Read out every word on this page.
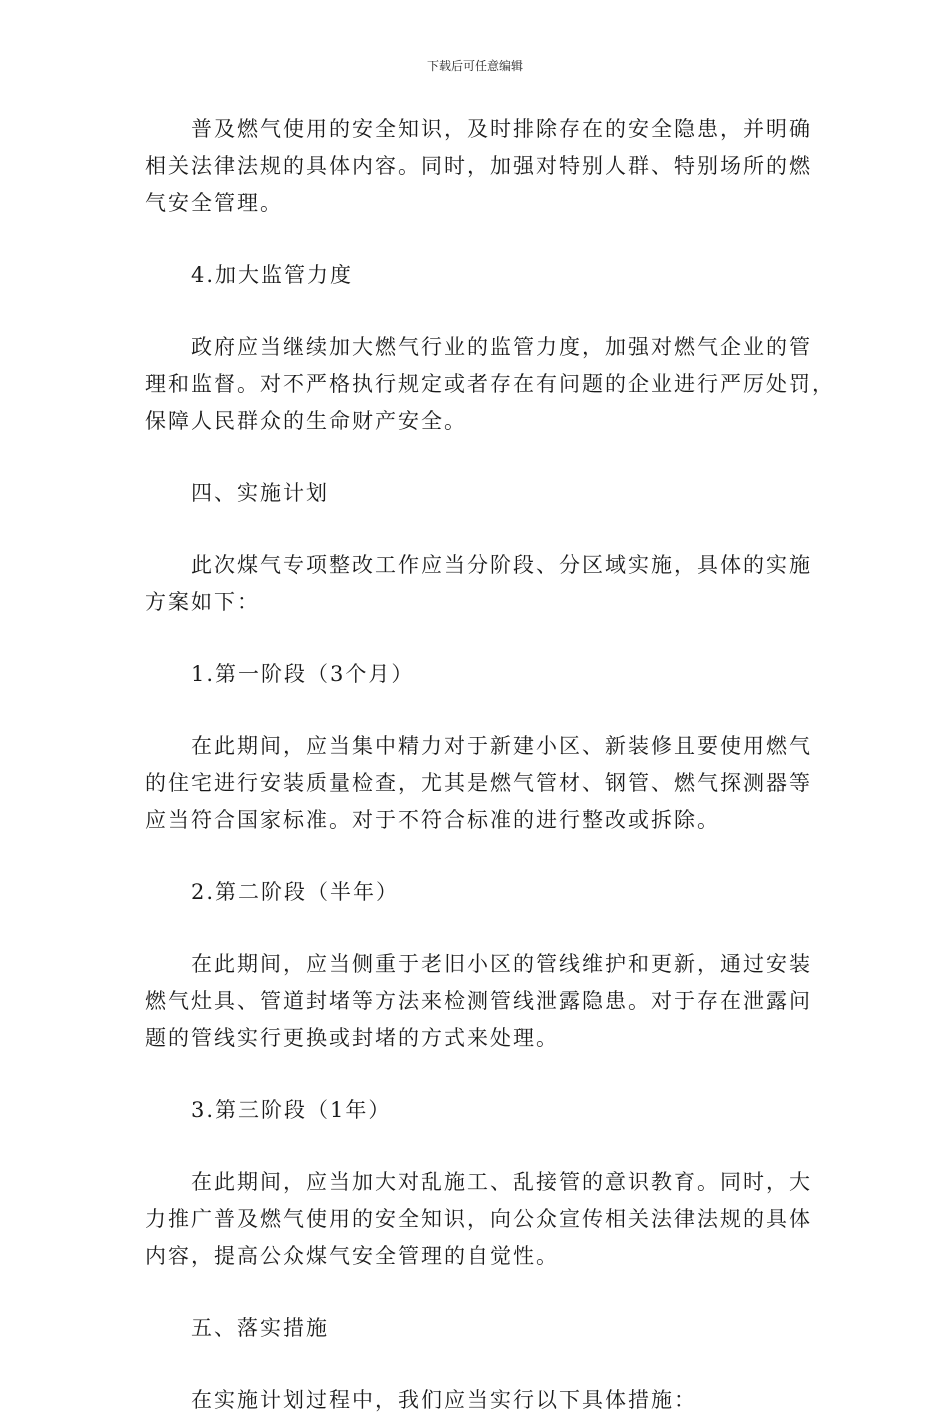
下载后可任意编辑
普及燃气使用的安全知识，及时排除存在的安全隐患，并明确
相关法律法规的具体内容。同时，加强对特别人群、特别场所的燃
气安全管理。
4.加大监管力度
政府应当继续加大燃气行业的监管力度，加强对燃气企业的管
理和监督。对不严格执行规定或者存在有问题的企业进行严厉处罚，
保障人民群众的生命财产安全。
四、实施计划
此次煤气专项整改工作应当分阶段、分区域实施，具体的实施
方案如下：
1.第一阶段（3个月）
在此期间，应当集中精力对于新建小区、新装修且要使用燃气
的住宅进行安装质量检查，尤其是燃气管材、钢管、燃气探测器等
应当符合国家标准。对于不符合标准的进行整改或拆除。
2.第二阶段（半年）
在此期间，应当侧重于老旧小区的管线维护和更新，通过安装
燃气灶具、管道封堵等方法来检测管线泄露隐患。对于存在泄露问
题的管线实行更换或封堵的方式来处理。
3.第三阶段（1年）
在此期间，应当加大对乱施工、乱接管的意识教育。同时，大
力推广普及燃气使用的安全知识，向公众宣传相关法律法规的具体
内容，提高公众煤气安全管理的自觉性。
五、落实措施
在实施计划过程中，我们应当实行以下具体措施：
